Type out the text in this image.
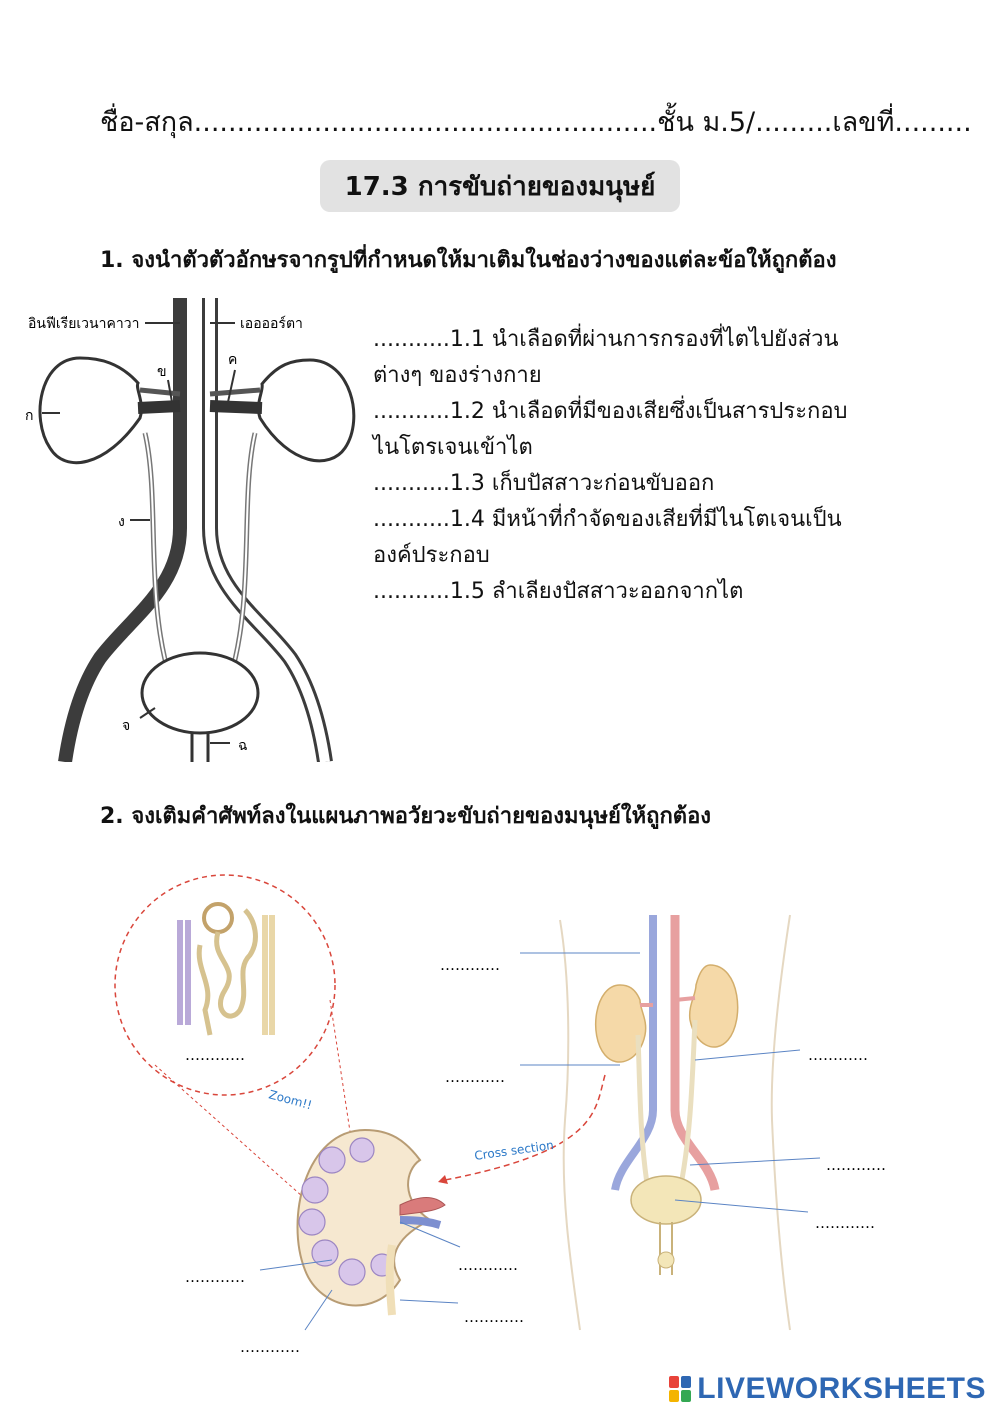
ชื่อ-สกุล......................................................ชั้น ม.5/.........เลขที่.........
17.3 การขับถ่ายของมนุษย์
1. จงนำตัวตัวอักษรจากรูปที่กำหนดให้มาเติมในช่องว่างของแต่ละข้อให้ถูกต้อง
อินฟีเรียเวนาคาวา	เออออร์ตา
ก
ข
ค
ง
จ
ฉ
...........1.1 นำเลือดที่ผ่านการกรองที่ไตไปยังส่วน
ต่างๆ ของร่างกาย
...........1.2 นำเลือดที่มีของเสียซึ่งเป็นสารประกอบ
ไนโตรเจนเข้าไต
...........1.3 เก็บปัสสาวะก่อนขับออก
...........1.4 มีหน้าที่กำจัดของเสียที่มีไนโตเจนเป็น
องค์ประกอบ
...........1.5 ลำเลียงปัสสาวะออกจากไต
2. จงเติมคำศัพท์ลงในแผนภาพอวัยวะขับถ่ายของมนุษย์ให้ถูกต้อง
Zoom!!
Cross section
…………
…………
…………
…………
…………
…………
…………
…………
…………
…………
LIVEWORKSHEETS
